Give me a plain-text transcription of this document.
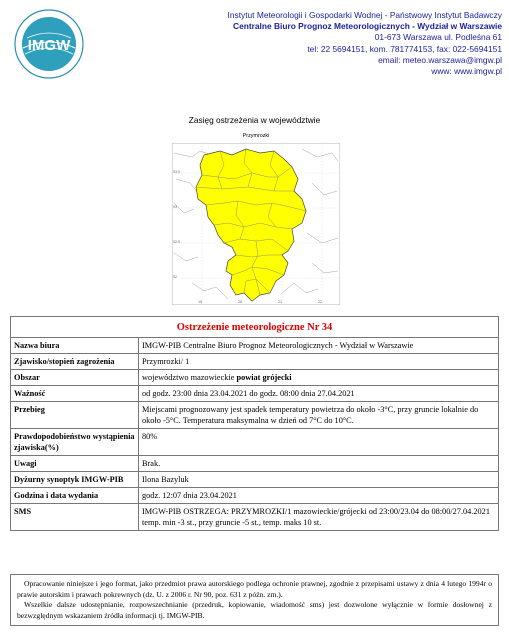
IMGW
Instytut Meteorologii i Gospodarki Wodnej - Państwowy Instytut Badawczy
Centralne Biuro Prognoz Meteorologicznych - Wydział w Warszawie
01-673 Warszawa ul. Podleśna 61
tel: 22 5694151, kom. 781774153, fax: 022-5694151
email: meteo.warszawa@imgw.pl
www: www.imgw.pl
Zasięg ostrzeżenia w województwie
Przymrozki
53.5
53
52.5
52
19	20	21	22
Ostrzeżenie meteorologiczne Nr 34	
Nazwa biura	IMGW-PIB Centralne Biuro Prognoz Meteorologicznych - Wydział w Warszawie
Zjawisko/stopień zagrożenia	Przymrozki/ 1
Obszar	województwo mazowieckie powiat grójecki
Ważność	od godz. 23:00 dnia 23.04.2021 do godz. 08:00 dnia 27.04.2021
Przebieg	Miejscami prognozowany jest spadek temperatury powietrza do około -3°C, przy gruncie lokalnie do około -5°C. Temperatura maksymalna w dzień od 7°C do 10°C.
Prawdopodobieństwo wystąpienia zjawiska(%)	80%
Uwagi	Brak.
Dyżurny synoptyk IMGW-PIB	Ilona Bazyluk
Godzina i data wydania	godz. 12:07 dnia 23.04.2021
SMS	IMGW-PIB OSTRZEGA: PRZYMROZKI/1 mazowieckie/grójecki od 23:00/23.04 do 08:00/27.04.2021 temp. min -3 st., przy gruncie -5 st., temp. maks 10 st.

Opracowanie niniejsze i jego format, jako przedmiot prawa autorskiego podlega ochronie prawnej, zgodnie z przepisami ustawy z dnia 4 lutego 1994r o prawie autorskim i prawach pokrewnych (dz. U. z 2006 r. Nr 90, poz. 631 z późn. zm.).

Wszelkie dalsze udostępnianie, rozpowszechnianie (przedruk, kopiowanie, wiadomość sms) jest dozwolone wyłącznie w formie dosłownej z bezwzględnym wskazaniem źródła informacji tj. IMGW-PIB.
